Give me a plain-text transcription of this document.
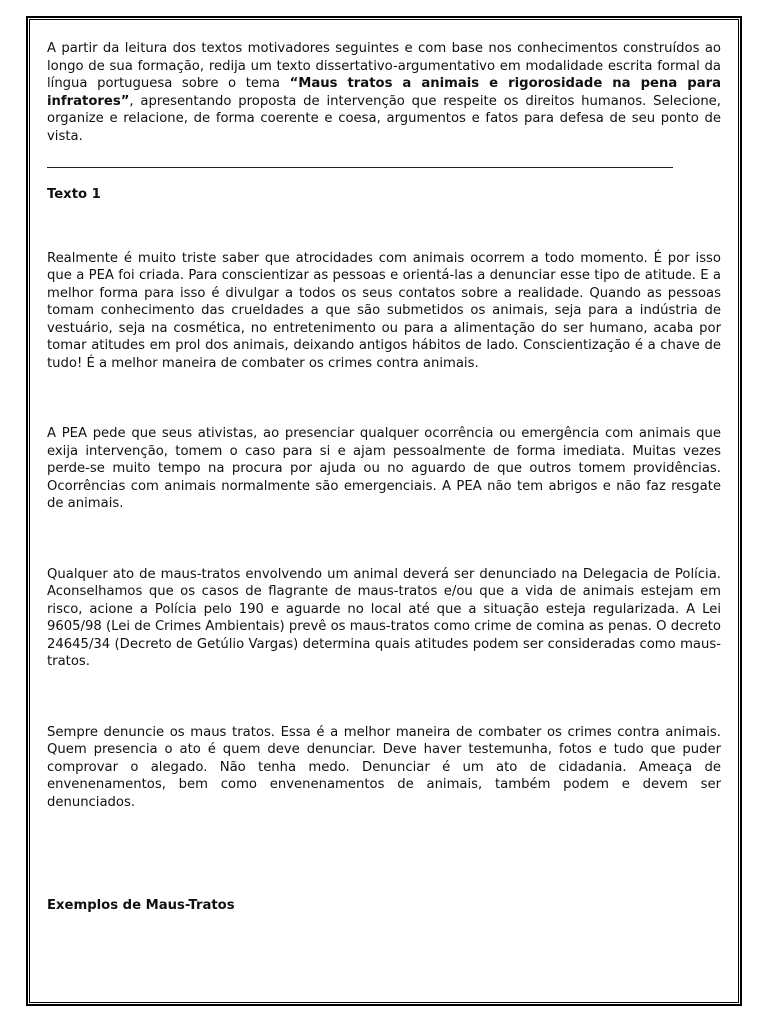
A partir da leitura dos textos motivadores seguintes e com base nos conhecimentos construídos ao longo de sua formação, redija um texto dissertativo-argumentativo em modalidade escrita formal da língua portuguesa sobre o tema “Maus tratos a animais e rigorosidade na pena para infratores”, apresentando proposta de intervenção que respeite os direitos humanos. Selecione, organize e relacione, de forma coerente e coesa, argumentos e fatos para defesa de seu ponto de vista.

Texto 1

Realmente é muito triste saber que atrocidades com animais ocorrem a todo momento. É por isso que a PEA foi criada. Para conscientizar as pessoas e orientá-las a denunciar esse tipo de atitude. E a melhor forma para isso é divulgar a todos os seus contatos sobre a realidade. Quando as pessoas tomam conhecimento das crueldades a que são submetidos os animais, seja para a indústria de vestuário, seja na cosmética, no entretenimento ou para a alimentação do ser humano, acaba por tomar atitudes em prol dos animais, deixando antigos hábitos de lado. Conscientização é a chave de tudo! É a melhor maneira de combater os crimes contra animais.

A PEA pede que seus ativistas, ao presenciar qualquer ocorrência ou emergência com animais que exija intervenção, tomem o caso para si e ajam pessoalmente de forma imediata. Muitas vezes perde-se muito tempo na procura por ajuda ou no aguardo de que outros tomem providências. Ocorrências com animais normalmente são emergenciais. A PEA não tem abrigos e não faz resgate de animais.

Qualquer ato de maus-tratos envolvendo um animal deverá ser denunciado na Delegacia de Polícia. Aconselhamos que os casos de flagrante de maus-tratos e/ou que a vida de animais estejam em risco, acione a Polícia pelo 190 e aguarde no local até que a situação esteja regularizada. A Lei 9605/98 (Lei de Crimes Ambientais) prevê os maus-tratos como crime de comina as penas. O decreto 24645/34 (Decreto de Getúlio Vargas) determina quais atitudes podem ser consideradas como maus-tratos.

Sempre denuncie os maus tratos. Essa é a melhor maneira de combater os crimes contra animais. Quem presencia o ato é quem deve denunciar. Deve haver testemunha, fotos e tudo que puder comprovar o alegado. Não tenha medo. Denunciar é um ato de cidadania. Ameaça de envenenamentos, bem como envenenamentos de animais, também podem e devem ser denunciados.

Exemplos de Maus-Tratos
